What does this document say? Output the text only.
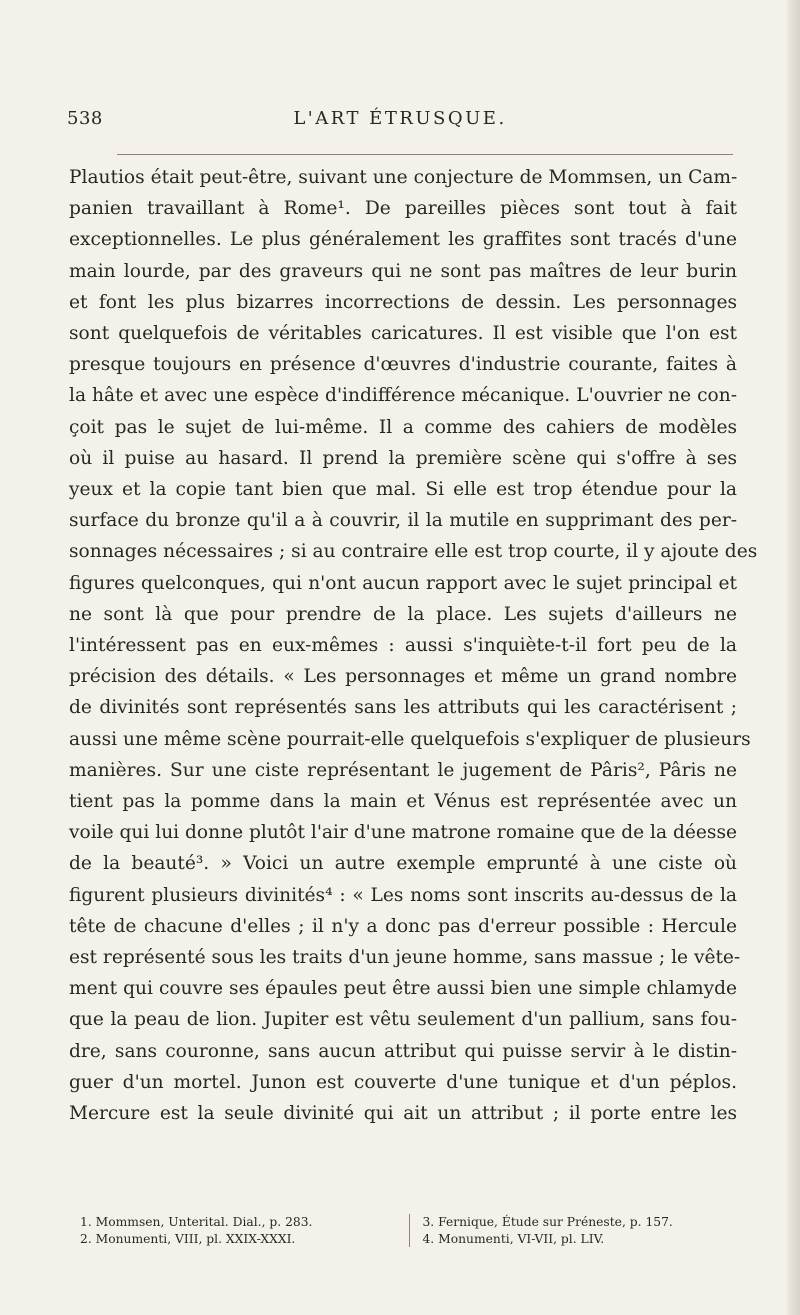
538	L'ART ÉTRUSQUE.
Plautios était peut-être, suivant une conjecture de Mommsen, un Cam-
panien travaillant à Rome¹. De pareilles pièces sont tout à fait
exceptionnelles. Le plus généralement les graffites sont tracés d'une
main lourde, par des graveurs qui ne sont pas maîtres de leur burin
et font les plus bizarres incorrections de dessin. Les personnages
sont quelquefois de véritables caricatures. Il est visible que l'on est
presque toujours en présence d'œuvres d'industrie courante, faites à
la hâte et avec une espèce d'indifférence mécanique. L'ouvrier ne con-
çoit pas le sujet de lui-même. Il a comme des cahiers de modèles
où il puise au hasard. Il prend la première scène qui s'offre à ses
yeux et la copie tant bien que mal. Si elle est trop étendue pour la
surface du bronze qu'il a à couvrir, il la mutile en supprimant des per-
sonnages nécessaires ; si au contraire elle est trop courte, il y ajoute des
figures quelconques, qui n'ont aucun rapport avec le sujet principal et
ne sont là que pour prendre de la place. Les sujets d'ailleurs ne
l'intéressent pas en eux-mêmes : aussi s'inquiète-t-il fort peu de la
précision des détails. « Les personnages et même un grand nombre
de divinités sont représentés sans les attributs qui les caractérisent ;
aussi une même scène pourrait-elle quelquefois s'expliquer de plusieurs
manières. Sur une ciste représentant le jugement de Pâris², Pâris ne
tient pas la pomme dans la main et Vénus est représentée avec un
voile qui lui donne plutôt l'air d'une matrone romaine que de la déesse
de la beauté³. » Voici un autre exemple emprunté à une ciste où
figurent plusieurs divinités⁴ : « Les noms sont inscrits au-dessus de la
tête de chacune d'elles ; il n'y a donc pas d'erreur possible : Hercule
est représenté sous les traits d'un jeune homme, sans massue ; le vête-
ment qui couvre ses épaules peut être aussi bien une simple chlamyde
que la peau de lion. Jupiter est vêtu seulement d'un pallium, sans fou-
dre, sans couronne, sans aucun attribut qui puisse servir à le distin-
guer d'un mortel. Junon est couverte d'une tunique et d'un péplos.
Mercure est la seule divinité qui ait un attribut ; il porte entre les
1. Mommsen, Unterital. Dial., p. 283.
2. Monumenti, VIII, pl. XXIX-XXXI.
3. Fernique, Étude sur Préneste, p. 157.
4. Monumenti, VI-VII, pl. LIV.
